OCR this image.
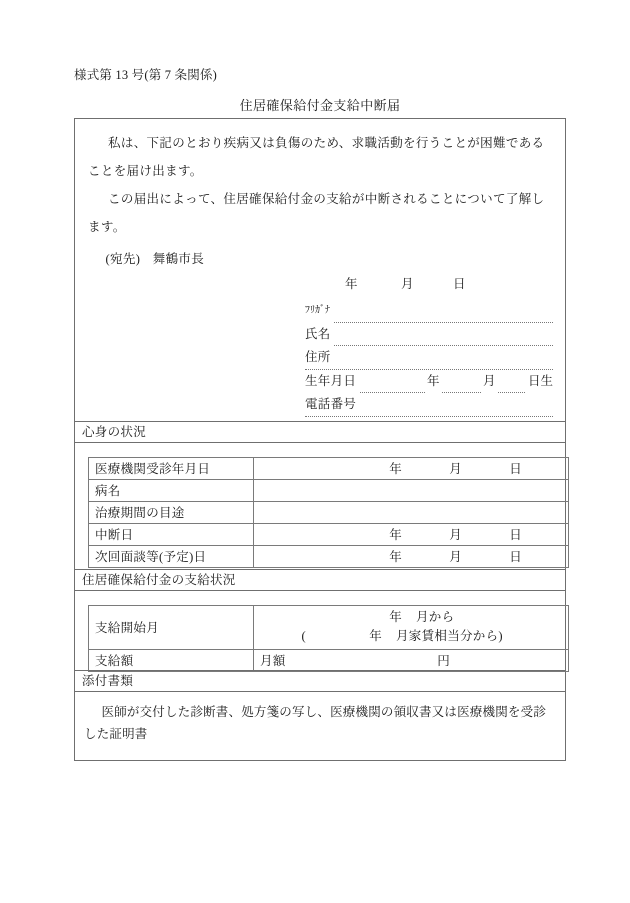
様式第 13 号(第 7 条関係)
住居確保給付金支給中断届

私は、下記のとおり疾病又は負傷のため、求職活動を行うことが困難であることを届け出ます。

この届出によって、住居確保給付金の支給が中断されることについて了解します。

(宛先) 舞鶴市長
年	月	日
ﾌﾘｶﾞﾅ
氏名
住所
生年月日	年	月	日生
電話番号
心身の状況
医療機関受診年月日	年 月 日

病名	
治療期間の目途	
中断日	年 月 日

次回面談等(予定)日	年 月 日
住居確保給付金の支給状況
支給開始月	年 月から
( 年 月家賃相当分から)

支給額	月額 円
添付書類

医師が交付した診断書、処方箋の写し、医療機関の領収書又は医療機関を受診した証明書
